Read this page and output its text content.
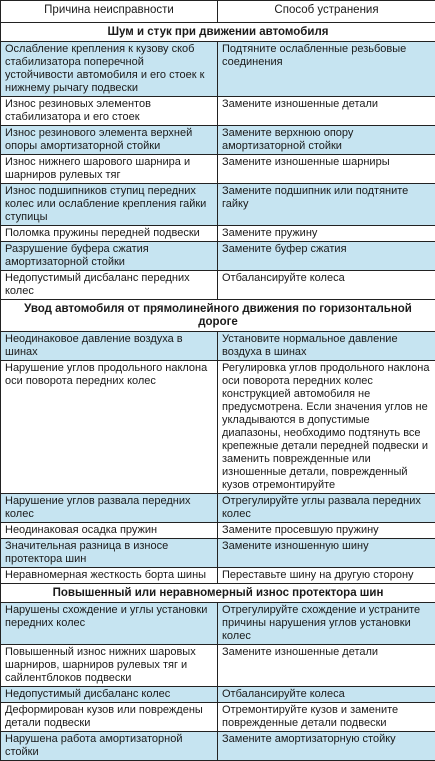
Причина неисправности	Способ устранения
Шум и стук при движении автомобиля	
Ослабление крепления к кузову скоб стабилизатора поперечной устойчивости автомобиля и его стоек к нижнему рычагу подвески	Подтяните ослабленные резьбовые соединения
Износ резиновых элементов стабилизатора и его стоек	Замените изношенные детали
Износ резинового элемента верхней опоры амортизаторной стойки	Замените верхнюю опору амортизаторной стойки
Износ нижнего шарового шарнира и шарниров рулевых тяг	Замените изношенные шарниры
Износ подшипников ступиц передних колес или ослабление крепления гайки ступицы	Замените подшипник или подтяните гайку
Поломка пружины передней подвески	Замените пружину
Разрушение буфера сжатия амортизаторной стойки	Замените буфер сжатия
Недопустимый дисбаланс передних колес	Отбалансируйте колеса
Увод автомобиля от прямолинейного движения по горизонтальной дороге	
Неодинаковое давление воздуха в шинах	Установите нормальное давление воздуха в шинах
Нарушение углов продольного наклона оси поворота передних колес	Регулировка углов продольного наклона оси поворота передних колес конструкцией автомобиля не предусмотрена. Если значения углов не укладываются в допустимые диапазоны, необходимо подтянуть все крепежные детали передней подвески и заменить поврежденные или изношенные детали, поврежденный кузов отремонтируйте
Нарушение углов развала передних колес	Отрегулируйте углы развала передних колес
Неодинаковая осадка пружин	Замените просевшую пружину
Значительная разница в износе протектора шин	Замените изношенную шину
Неравномерная жесткость борта шины	Переставьте шину на другую сторону
Повышенный или неравномерный износ протектора шин	
Нарушены схождение и углы установки передних колес	Отрегулируйте схождение и устраните причины нарушения углов установки колес
Повышенный износ нижних шаровых шарниров, шарниров рулевых тяг и сайлентблоков подвески	Замените изношенные детали
Недопустимый дисбаланс колес	Отбалансируйте колеса
Деформирован кузов или повреждены детали подвески	Отремонтируйте кузов и замените поврежденные детали подвески
Нарушена работа амортизаторной стойки	Замените амортизаторную стойку
